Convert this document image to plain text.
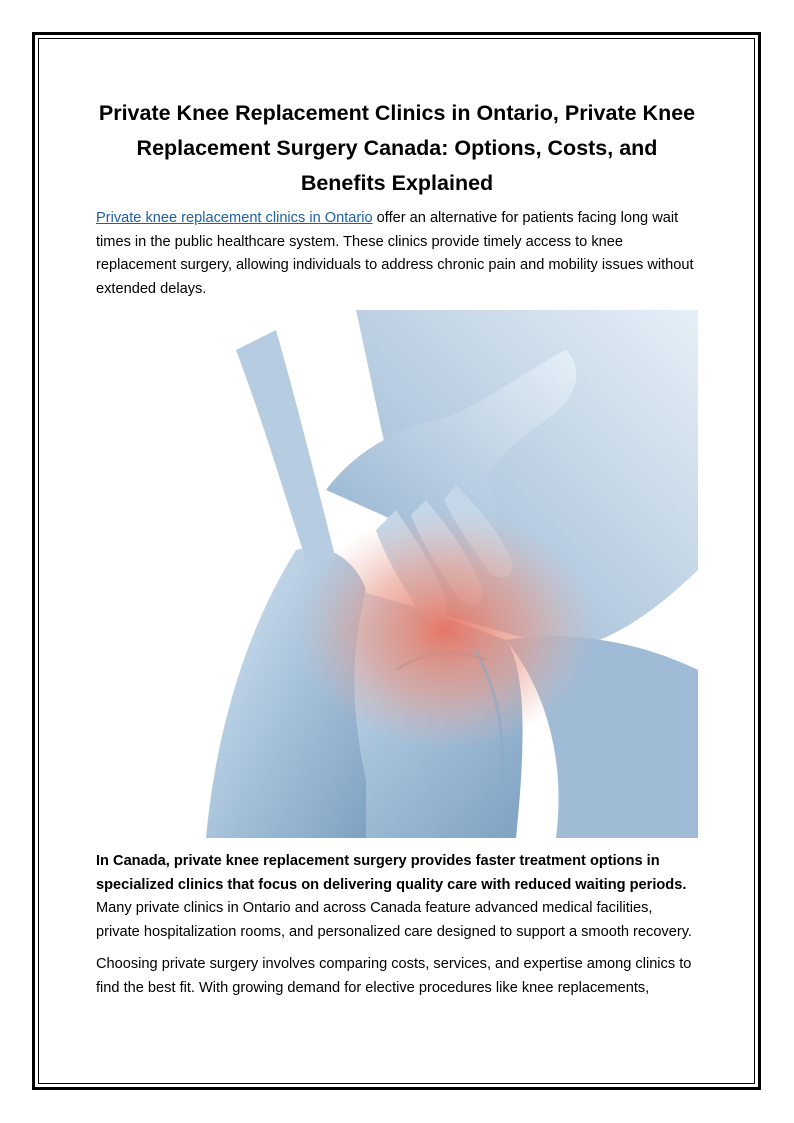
Private Knee Replacement Clinics in Ontario, Private Knee Replacement Surgery Canada: Options, Costs, and Benefits Explained

Private knee replacement clinics in Ontario offer an alternative for patients facing long wait times in the public healthcare system. These clinics provide timely access to knee replacement surgery, allowing individuals to address chronic pain and mobility issues without extended delays.

In Canada, private knee replacement surgery provides faster treatment options in specialized clinics that focus on delivering quality care with reduced waiting periods. Many private clinics in Ontario and across Canada feature advanced medical facilities, private hospitalization rooms, and personalized care designed to support a smooth recovery.

Choosing private surgery involves comparing costs, services, and expertise among clinics to find the best fit. With growing demand for elective procedures like knee replacements,
